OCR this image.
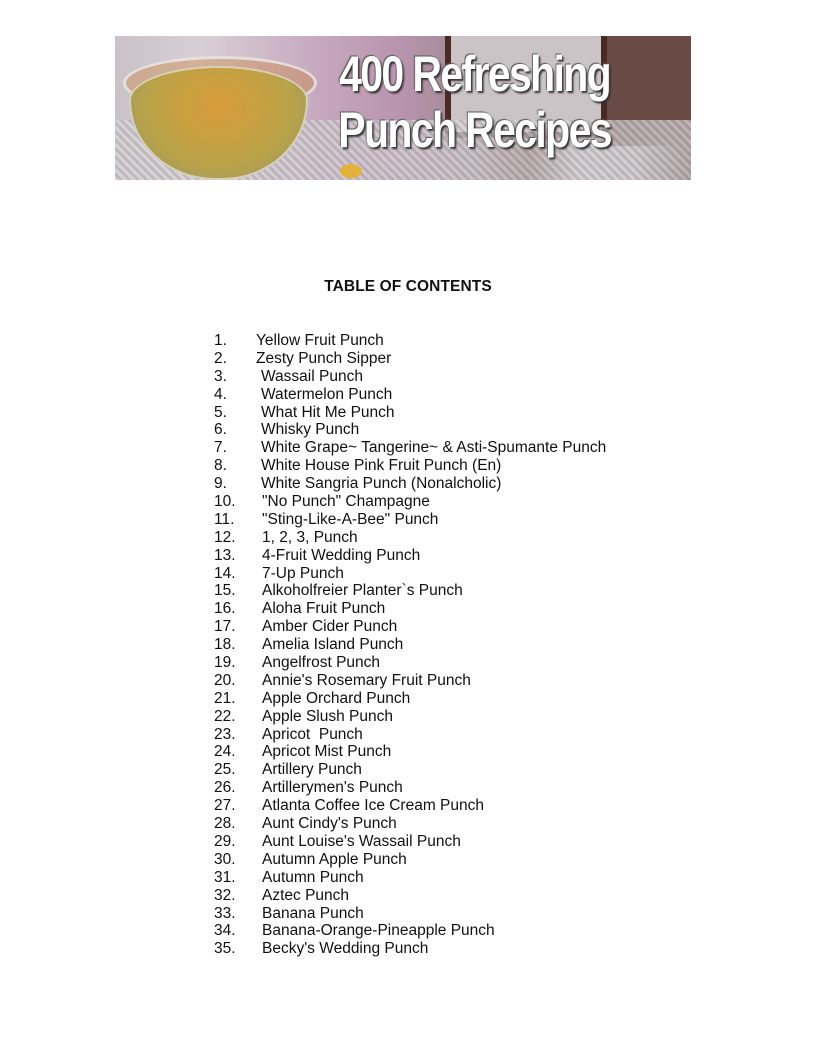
400 Refreshing
Punch Recipes
TABLE OF CONTENTS
1. Yellow Fruit Punch
2. Zesty Punch Sipper
3. Wassail Punch
4. Watermelon Punch
5. What Hit Me Punch
6. Whisky Punch
7. White Grape~ Tangerine~ & Asti-Spumante Punch
8. White House Pink Fruit Punch (En)
9. White Sangria Punch (Nonalcholic)
10. "No Punch" Champagne
11. "Sting-Like-A-Bee" Punch
12. 1, 2, 3, Punch
13. 4-Fruit Wedding Punch
14. 7-Up Punch
15. Alkoholfreier Planter`s Punch
16. Aloha Fruit Punch
17. Amber Cider Punch
18. Amelia Island Punch
19. Angelfrost Punch
20. Annie's Rosemary Fruit Punch
21. Apple Orchard Punch
22. Apple Slush Punch
23. Apricot  Punch
24. Apricot Mist Punch
25. Artillery Punch
26. Artillerymen's Punch
27. Atlanta Coffee Ice Cream Punch
28. Aunt Cindy's Punch
29. Aunt Louise's Wassail Punch
30. Autumn Apple Punch
31. Autumn Punch
32. Aztec Punch
33. Banana Punch
34. Banana-Orange-Pineapple Punch
35. Becky's Wedding Punch
